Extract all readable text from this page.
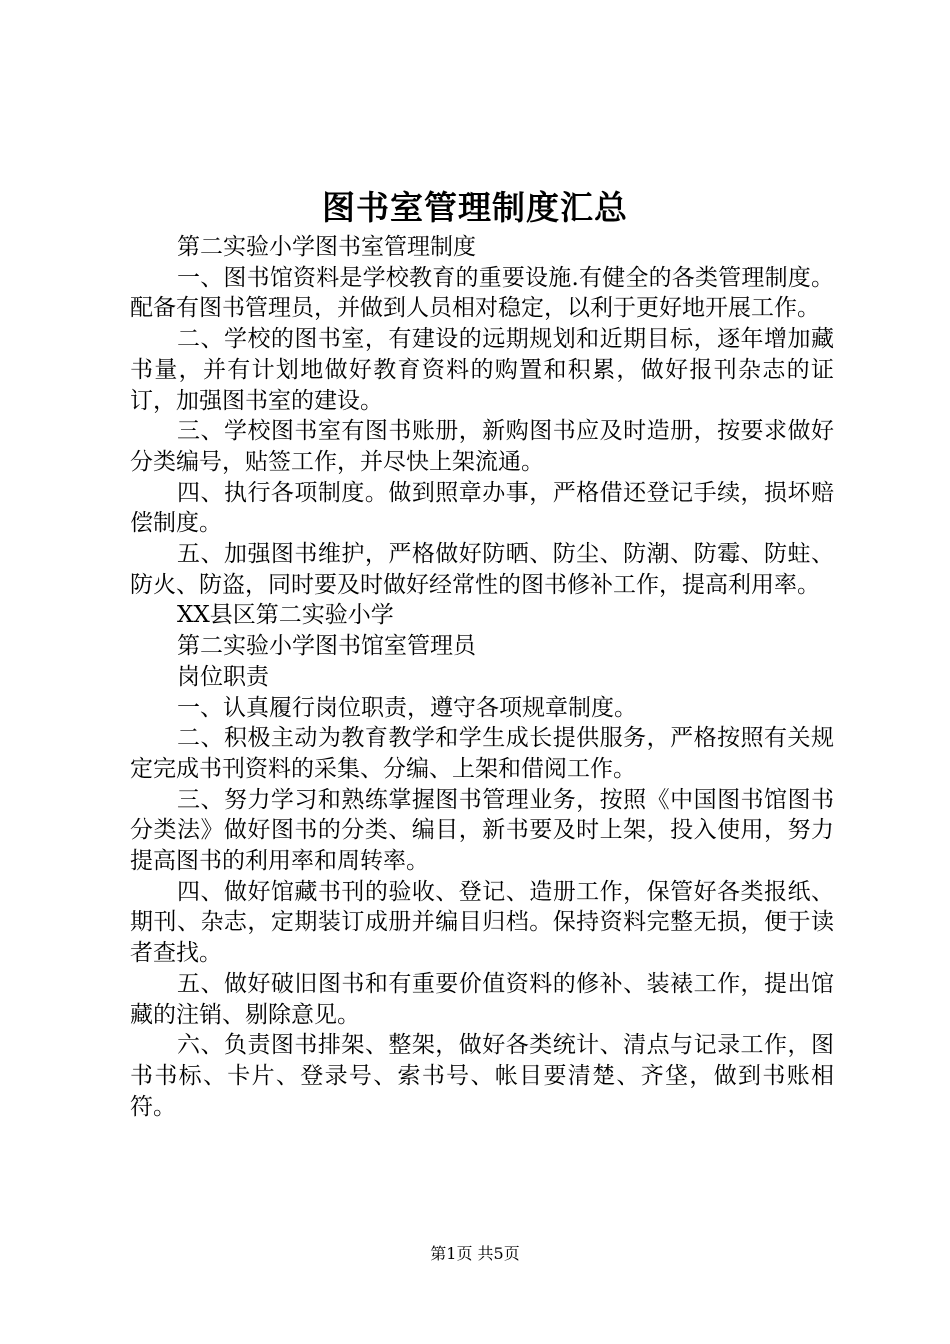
图书室管理制度汇总

第二实验小学图书室管理制度

一、图书馆资料是学校教育的重要设施.有健全的各类管理制度。配备有图书管理员，并做到人员相对稳定，以利于更好地开展工作。

二、学校的图书室，有建设的远期规划和近期目标，逐年增加藏书量，并有计划地做好教育资料的购置和积累，做好报刊杂志的证订，加强图书室的建设。

三、学校图书室有图书账册，新购图书应及时造册，按要求做好分类编号，贴签工作，并尽快上架流通。

四、执行各项制度。做到照章办事，严格借还登记手续，损坏赔偿制度。

五、加强图书维护，严格做好防晒、防尘、防潮、防霉、防蛀、防火、防盗，同时要及时做好经常性的图书修补工作，提高利用率。

XX县区第二实验小学

第二实验小学图书馆室管理员

岗位职责

一、认真履行岗位职责，遵守各项规章制度。

二、积极主动为教育教学和学生成长提供服务，严格按照有关规定完成书刊资料的采集、分编、上架和借阅工作。

三、努力学习和熟练掌握图书管理业务，按照《中国图书馆图书分类法》做好图书的分类、编目，新书要及时上架，投入使用，努力提高图书的利用率和周转率。

四、做好馆藏书刊的验收、登记、造册工作，保管好各类报纸、期刊、杂志，定期装订成册并编目归档。保持资料完整无损，便于读者查找。

五、做好破旧图书和有重要价值资料的修补、装裱工作，提出馆藏的注销、剔除意见。

六、负责图书排架、整架，做好各类统计、清点与记录工作，图书书标、卡片、登录号、索书号、帐目要清楚、齐垡，做到书账相符。

第1页 共5页
